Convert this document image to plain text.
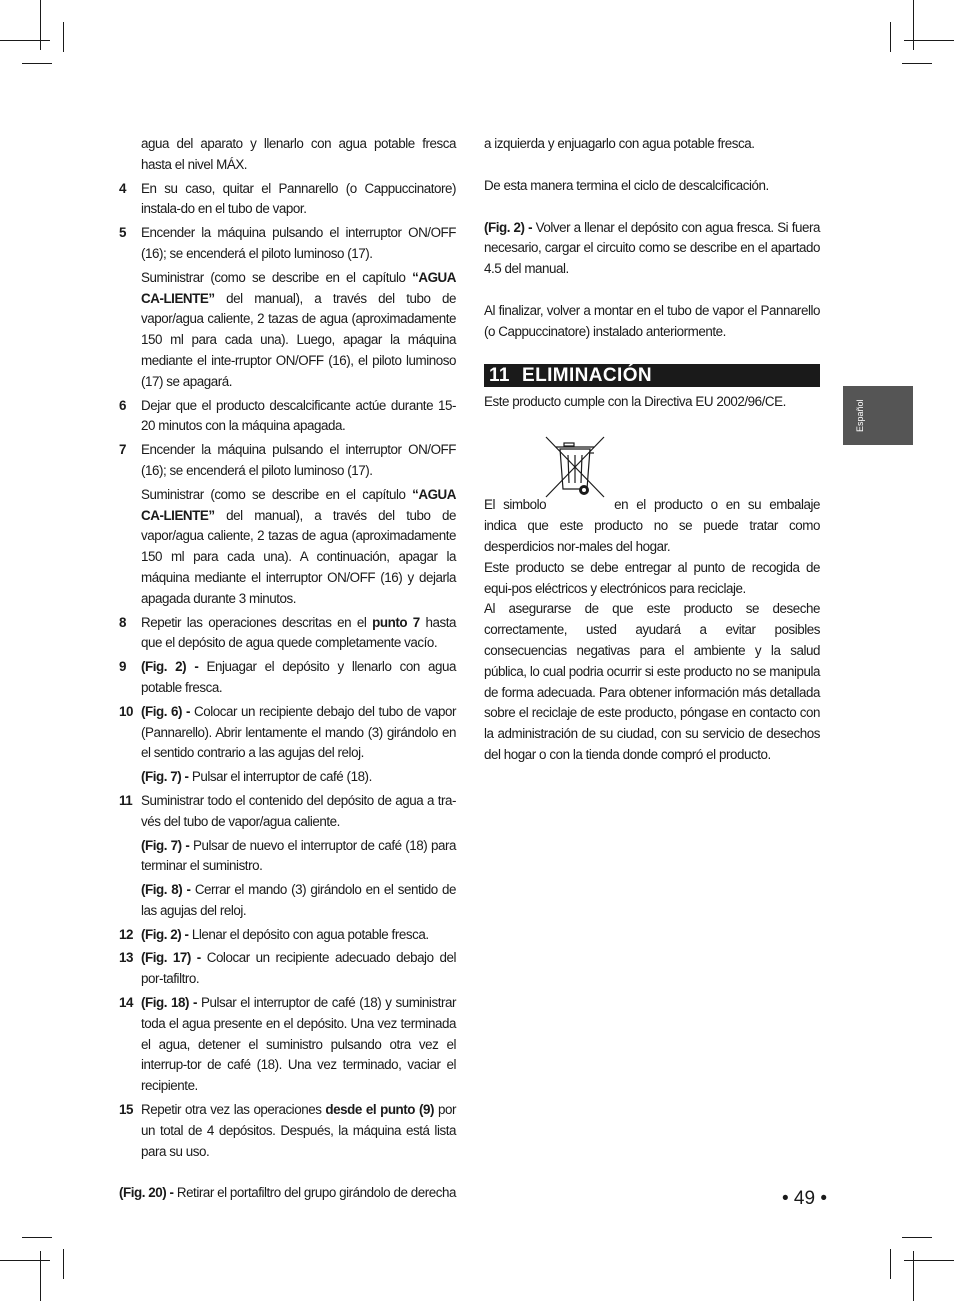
agua del aparato y llenarlo con agua potable fresca hasta el nivel MÁX.

4 En su caso, quitar el Pannarello (o Cappuccinatore) instala-do en el tubo de vapor.

5 Encender la máquina pulsando el interruptor ON/OFF (16); se encenderá el piloto luminoso (17).

Suministrar (como se describe en el capítulo “AGUA CA-LIENTE” del manual), a través del tubo de vapor/agua caliente, 2 tazas de agua (aproximadamente 150 ml para cada una). Luego, apagar la máquina mediante el inte-rruptor ON/OFF (16), el piloto luminoso (17) se apagará.

6 Dejar que el producto descalcificante actúe durante 15-20 minutos con la máquina apagada.

7 Encender la máquina pulsando el interruptor ON/OFF (16); se encenderá el piloto luminoso (17).

Suministrar (como se describe en el capítulo “AGUA CA-LIENTE” del manual), a través del tubo de vapor/agua caliente, 2 tazas de agua (aproximadamente 150 ml para cada una). A continuación, apagar la máquina mediante el interruptor ON/OFF (16) y dejarla apagada durante 3 minutos.

8 Repetir las operaciones descritas en el punto 7 hasta que el depósito de agua quede completamente vacío.

9 (Fig. 2) - Enjuagar el depósito y llenarlo con agua potable fresca.

10 (Fig. 6) - Colocar un recipiente debajo del tubo de vapor (Pannarello). Abrir lentamente el mando (3) girándolo en el sentido contrario a las agujas del reloj.

(Fig. 7) - Pulsar el interruptor de café (18).

11 Suministrar todo el contenido del depósito de agua a tra-vés del tubo de vapor/agua caliente.

(Fig. 7) - Pulsar de nuevo el interruptor de café (18) para terminar el suministro.

(Fig. 8) - Cerrar el mando (3) girándolo en el sentido de las agujas del reloj.

12 (Fig. 2) - Llenar el depósito con agua potable fresca.

13 (Fig. 17) - Colocar un recipiente adecuado debajo del por-tafiltro.

14 (Fig. 18) - Pulsar el interruptor de café (18) y suministrar toda el agua presente en el depósito. Una vez terminada el agua, detener el suministro pulsando otra vez el interrup-tor de café (18). Una vez terminado, vaciar el recipiente.

15 Repetir otra vez las operaciones desde el punto (9) por un total de 4 depósitos. Después, la máquina está lista para su uso.

(Fig. 20) - Retirar el portafiltro del grupo girándolo de derecha

a izquierda y enjuagarlo con agua potable fresca.

De esta manera termina el ciclo de descalcificación.

(Fig. 2) - Volver a llenar el depósito con agua fresca. Si fuera necesario, cargar el circuito como se describe en el apartado 4.5 del manual.

Al finalizar, volver a montar en el tubo de vapor el Pannarello (o Cappuccinatore) instalado anteriormente.

11 ELIMINACIÓN

Este producto cumple con la Directiva EU 2002/96/CE.

El simbolo	en el producto o en su embalaje indica que este producto no se puede tratar como desperdicios nor-males del hogar.

Este producto se debe entregar al punto de recogida de equi-pos eléctricos y electrónicos para reciclaje.

Al asegurarse de que este producto se deseche correctamente, usted ayudará a evitar posibles consecuencias negativas para el ambiente y la salud pública, lo cual podria ocurrir si este producto no se manipula de forma adecuada. Para obtener información más detallada sobre el reciclaje de este producto, póngase en contacto con la administración de su ciudad, con su servicio de desechos del hogar o con la tienda donde compró el producto.

Español
• 49 •
